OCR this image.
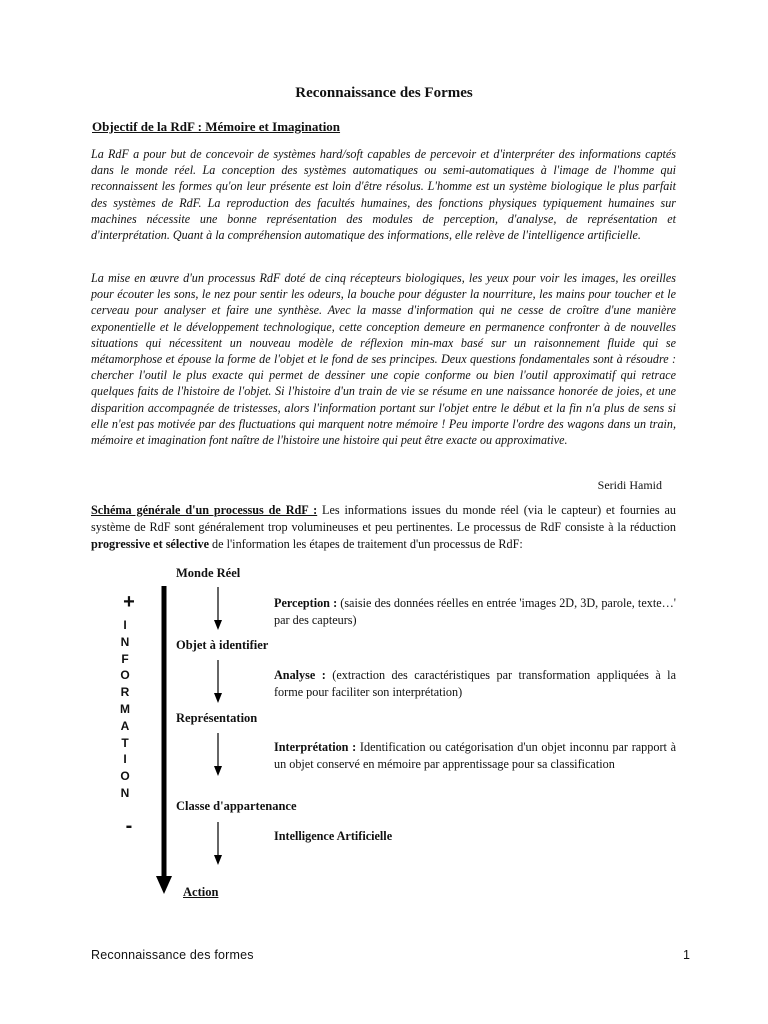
Reconnaissance des Formes
Objectif de la RdF : Mémoire et Imagination

La RdF a pour but de concevoir de systèmes hard/soft capables de percevoir et d'interpréter des informations captés dans le monde réel. La conception des systèmes automatiques ou semi-automatiques à l'image de l'homme qui reconnaissent les formes qu'on leur présente est loin d'être résolus. L'homme est un système biologique le plus parfait des systèmes de RdF. La reproduction des facultés humaines, des fonctions physiques typiquement humaines sur machines nécessite une bonne représentation des modules de perception, d'analyse, de représentation et d'interprétation. Quant à la compréhension automatique des informations, elle relève de l'intelligence artificielle.

La mise en œuvre d'un processus RdF doté de cinq récepteurs biologiques, les yeux pour voir les images, les oreilles pour écouter les sons, le nez pour sentir les odeurs, la bouche pour déguster la nourriture, les mains pour toucher et le cerveau pour analyser et faire une synthèse. Avec la masse d'information qui ne cesse de croître d'une manière exponentielle et le développement technologique, cette conception demeure en permanence confronter à de nouvelles situations qui nécessitent un nouveau modèle de réflexion min-max basé sur un raisonnement fluide qui se métamorphose et épouse la forme de l'objet et le fond de ses principes. Deux questions fondamentales sont à résoudre : chercher l'outil le plus exacte qui permet de dessiner une copie conforme ou bien l'outil approximatif qui retrace quelques faits de l'histoire de l'objet. Si l'histoire d'un train de vie se résume en une naissance honorée de joies, et une disparition accompagnée de tristesses, alors l'information portant sur l'objet entre le début et la fin n'a plus de sens si elle n'est pas motivée par des fluctuations qui marquent notre mémoire ! Peu importe l'ordre des wagons dans un train, mémoire et imagination font naître de l'histoire une histoire qui peut être exacte ou approximative.

Seridi Hamid

Schéma générale d'un processus de RdF : Les informations issues du monde réel (via le capteur) et fournies au système de RdF sont généralement trop volumineuses et peu pertinentes. Le processus de RdF consiste à la réduction progressive et sélective de l'information les étapes de traitement d'un processus de RdF:

+
I
N
F
O
R
M
A
T
I
O
N
-
Monde Réel
Objet à identifier
Représentation
Classe d'appartenance
Action

Perception : (saisie des données réelles en entrée 'images 2D, 3D, parole, texte…' par des capteurs)

Analyse : (extraction des caractéristiques par transformation appliquées à la forme pour faciliter son interprétation)

Interprétation : Identification ou catégorisation d'un objet inconnu par rapport à un objet conservé en mémoire par apprentissage pour sa classification

Intelligence Artificielle

Reconnaissance des formes	1
